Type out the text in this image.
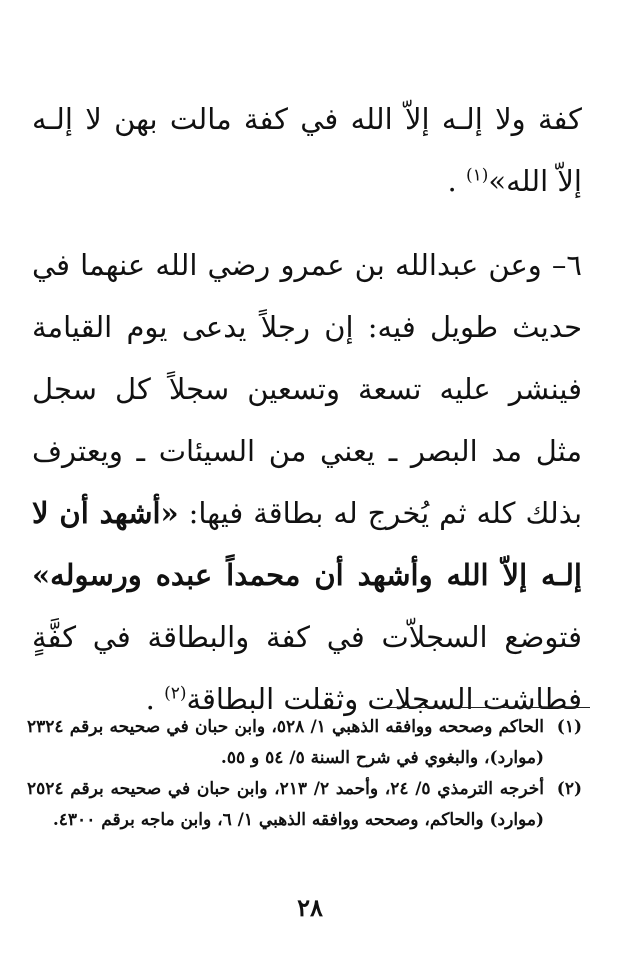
كفة ولا إلـه إلاّ الله في كفة مالت بهن لا إلـه إلاّ الله»$^{(١)}$ .

٦– وعن عبدالله بن عمرو رضي الله عنهما في حديث طويل فيه: إن رجلاً يدعى يوم القيامة فينشر عليه تسعة وتسعين سجلاً كل سجل مثل مد البصر ـ يعني من السيئات ـ ويعترف بذلك كله ثم يُخرج له بطاقة فيها: «أشهد أن لا إلـه إلاّ الله وأشهد أن محمداً عبده ورسوله» فتوضع السجلاّت في كفة والبطاقة في كفَّةٍ فطاشت السجلات وثقلت البطاقة$^{(٢)}$ .

(١)
الحاكم وصححه ووافقه الذهبي ١/ ٥٢٨، وابن حبان في صحيحه برقم ٢٣٢٤ (موارد)، والبغوي في شرح السنة ٥/ ٥٤ و ٥٥.
(٢)
أخرجه الترمذي ٥/ ٢٤، وأحمد ٢/ ٢١٣، وابن حبان في صحيحه برقم ٢٥٢٤ (موارد) والحاكم، وصححه ووافقه الذهبي ١/ ٦، وابن ماجه برقم ٤٣٠٠.
٢٨
